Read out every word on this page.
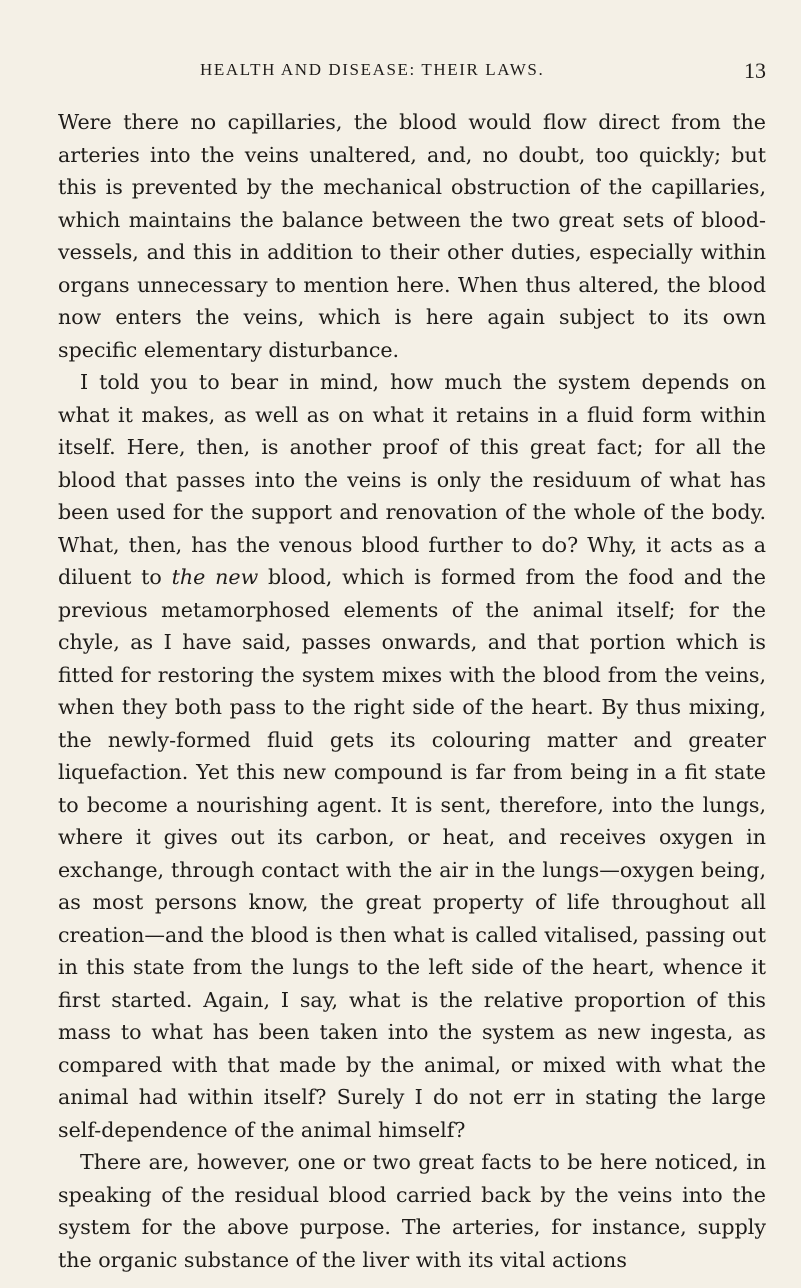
HEALTH AND DISEASE: THEIR LAWS.	13

Were there no capillaries, the blood would flow direct from the arteries into the veins unaltered, and, no doubt, too quickly; but this is prevented by the mechanical obstruction of the capillaries, which maintains the balance between the two great sets of blood-vessels, and this in addition to their other duties, especially within organs unnecessary to mention here. When thus altered, the blood now enters the veins, which is here again subject to its own specific elementary disturbance.

I told you to bear in mind, how much the system depends on what it makes, as well as on what it retains in a fluid form within itself. Here, then, is another proof of this great fact; for all the blood that passes into the veins is only the residuum of what has been used for the support and renovation of the whole of the body. What, then, has the venous blood further to do? Why, it acts as a diluent to the new blood, which is formed from the food and the previous metamorphosed elements of the animal itself; for the chyle, as I have said, passes onwards, and that portion which is fitted for restoring the system mixes with the blood from the veins, when they both pass to the right side of the heart. By thus mixing, the newly-formed fluid gets its colouring matter and greater liquefaction. Yet this new compound is far from being in a fit state to become a nourishing agent. It is sent, therefore, into the lungs, where it gives out its carbon, or heat, and receives oxygen in exchange, through contact with the air in the lungs—oxygen being, as most persons know, the great property of life throughout all creation—and the blood is then what is called vitalised, passing out in this state from the lungs to the left side of the heart, whence it first started. Again, I say, what is the relative proportion of this mass to what has been taken into the system as new ingesta, as compared with that made by the animal, or mixed with what the animal had within itself? Surely I do not err in stating the large self-dependence of the animal himself?

There are, however, one or two great facts to be here noticed, in speaking of the residual blood carried back by the veins into the system for the above purpose. The arteries, for instance, supply the organic substance of the liver with its vital actions
